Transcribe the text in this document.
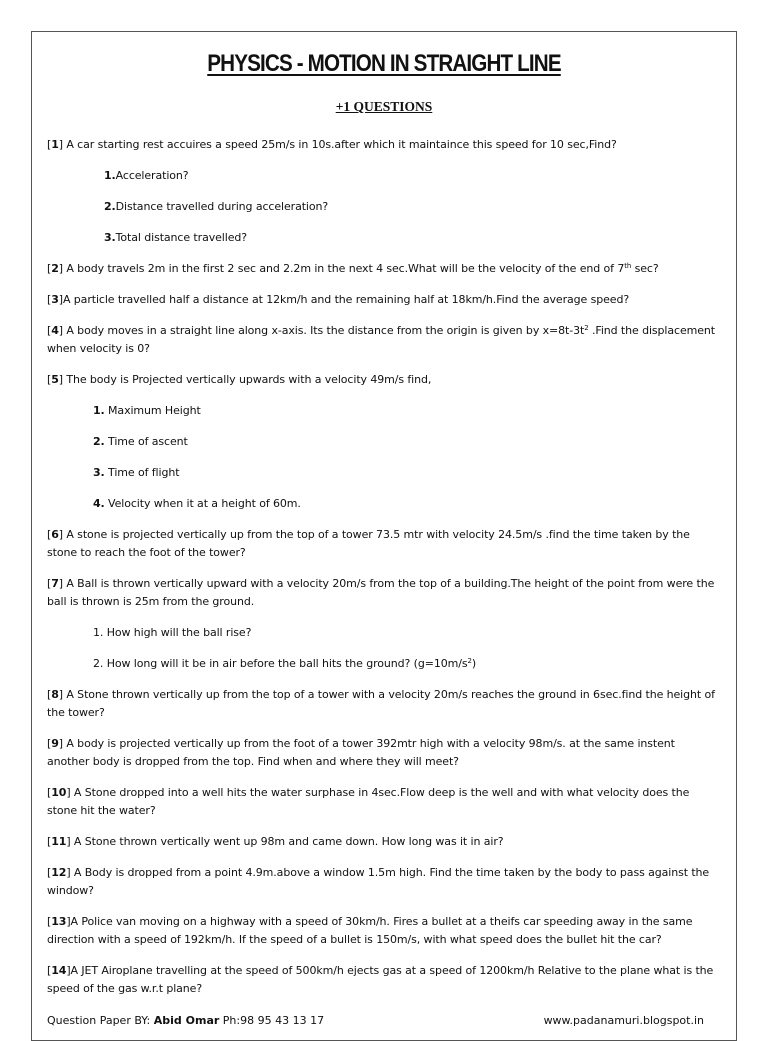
PHYSICS - MOTION IN STRAIGHT LINE

+1 QUESTIONS

[1] A car starting rest accuires a speed 25m/s in 10s.after which it maintaince this speed for 10 sec,Find?

1.Acceleration?

2.Distance travelled during acceleration?

3.Total distance travelled?

[2] A body travels 2m in the first 2 sec and 2.2m in the next 4 sec.What will be the velocity of the end of 7th sec?

[3]A particle travelled half a distance at 12km/h and the remaining half at 18km/h.Find the average speed?

[4] A body moves in a straight line along x-axis. Its the distance from the origin is given by $x=8t-3t^2$ .Find the displacement when velocity is 0?

[5] The body is Projected vertically upwards with a velocity 49m/s find,

1. Maximum Height

2. Time of ascent

3. Time of flight

4. Velocity when it at a height of 60m.

[6] A stone is projected vertically up from the top of a tower 73.5 mtr with velocity 24.5m/s .find the time taken by the stone to reach the foot of the tower?

[7] A Ball is thrown vertically upward with a velocity 20m/s from the top of a building.The height of the point from were the ball is thrown is 25m from the ground.

1. How high will the ball rise?

2. How long will it be in air before the ball hits the ground? $(g=10m/s^2)$

[8] A Stone thrown vertically up from the top of a tower with a velocity 20m/s reaches the ground in 6sec.find the height of the tower?

[9] A body is projected vertically up from the foot of a tower 392mtr high with a velocity 98m/s. at the same instent another body is dropped from the top. Find when and where they will meet?

[10] A Stone dropped into a well hits the water surphase in 4sec.Flow deep is the well and with what velocity does the stone hit the water?

[11] A Stone thrown vertically went up 98m and came down. How long was it in air?

[12] A Body is dropped from a point 4.9m.above a window 1.5m high. Find the time taken by the body to pass against the window?

[13]A Police van moving on a highway with a speed of 30km/h. Fires a bullet at a theifs car speeding away in the same direction with a speed of 192km/h. If the speed of a bullet is 150m/s, with what speed does the bullet hit the car?

[14]A JET Airoplane travelling at the speed of 500km/h ejects gas at a speed of 1200km/h Relative to the plane what is the speed of the gas w.r.t plane?

Question Paper BY: Abid Omar Ph:98 95 43 13 17	www.padanamuri.blogspot.in
